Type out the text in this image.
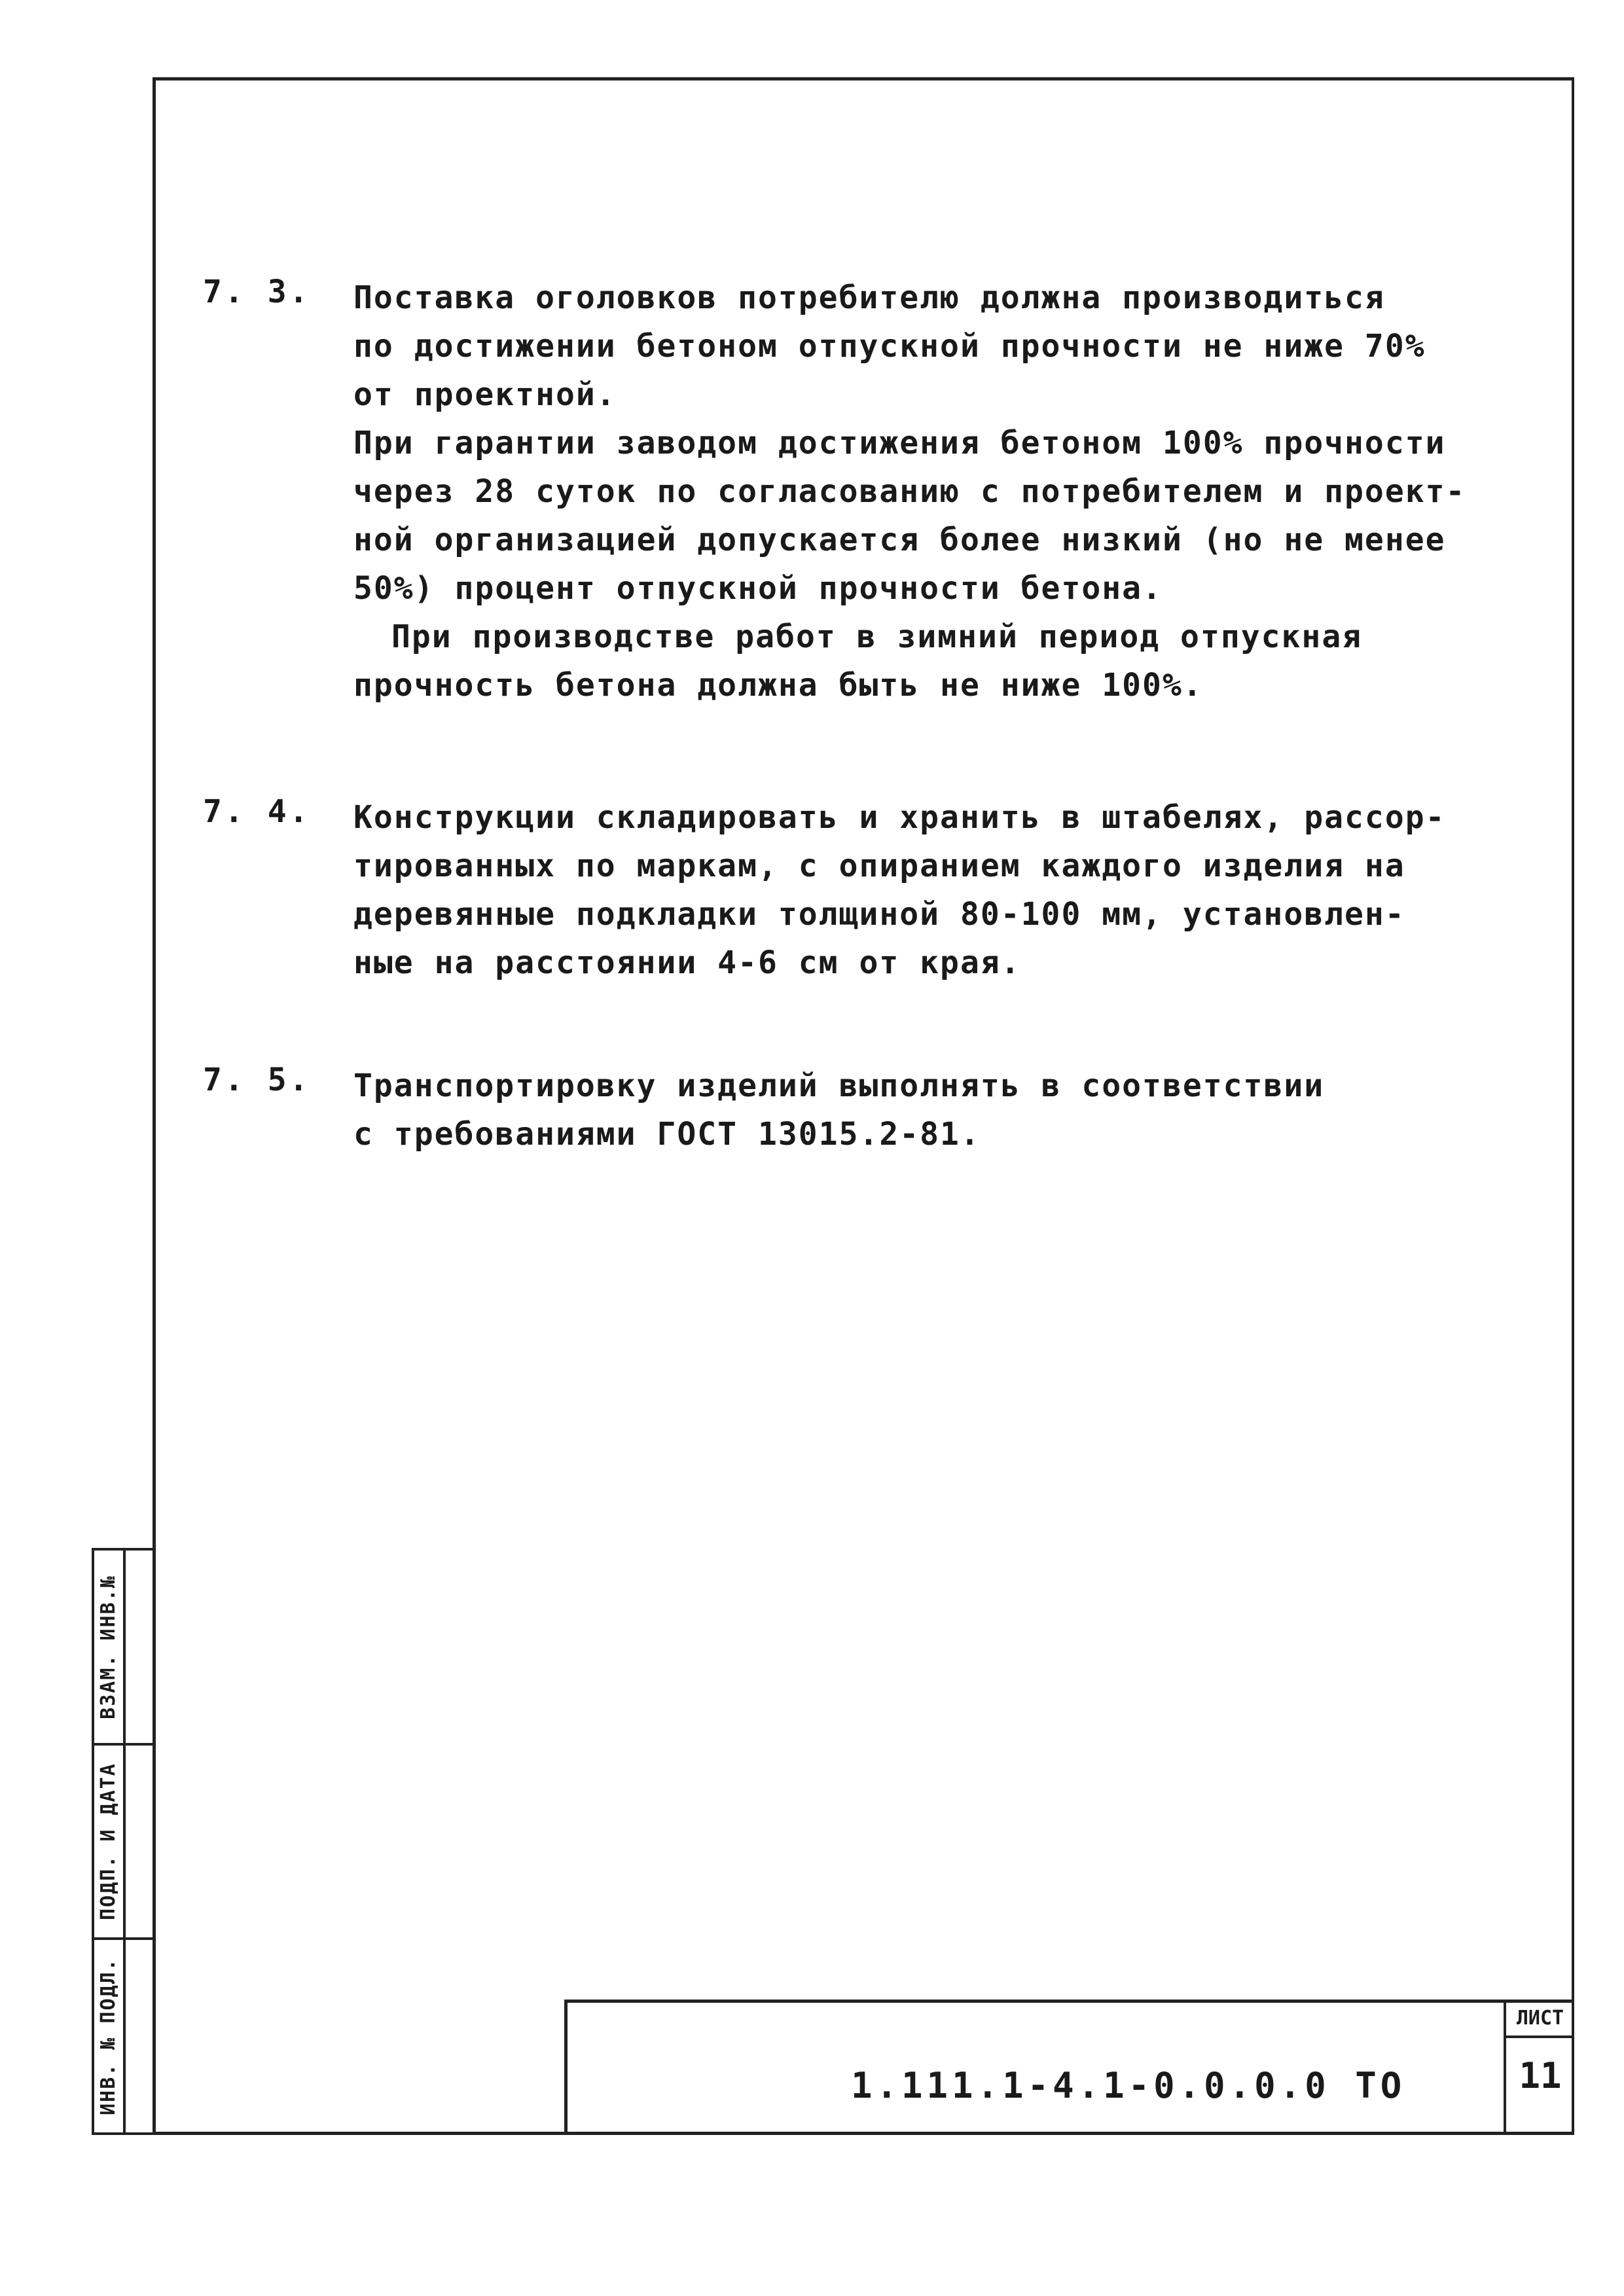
7. 3. Поставка оголовков потребителю должна производиться
по достижении бетоном отпускной прочности не ниже 70%
от проектной.
При гарантии заводом достижения бетоном 100% прочности
через 28 суток по согласованию с потребителем и проект-
ной организацией допускается более низкий (но не менее
50%) процент отпускной прочности бетона.
При производстве работ в зимний период отпускная
прочность бетона должна быть не ниже 100%.
7. 4. Конструкции складировать и хранить в штабелях, рассор-
тированных по маркам, с опиранием каждого изделия на
деревянные подкладки толщиной 80-100 мм, установлен-
ные на расстоянии 4-6 см от края.
7. 5. Транспортировку изделий выполнять в соответствии
с требованиями ГОСТ 13015.2-81.
ВЗАМ. ИНВ.№
ПОДП. И ДАТА
ИНВ. № ПОДЛ.	1.111.1-4.1-0.0.0.0 ТО
ЛИСТ
11
